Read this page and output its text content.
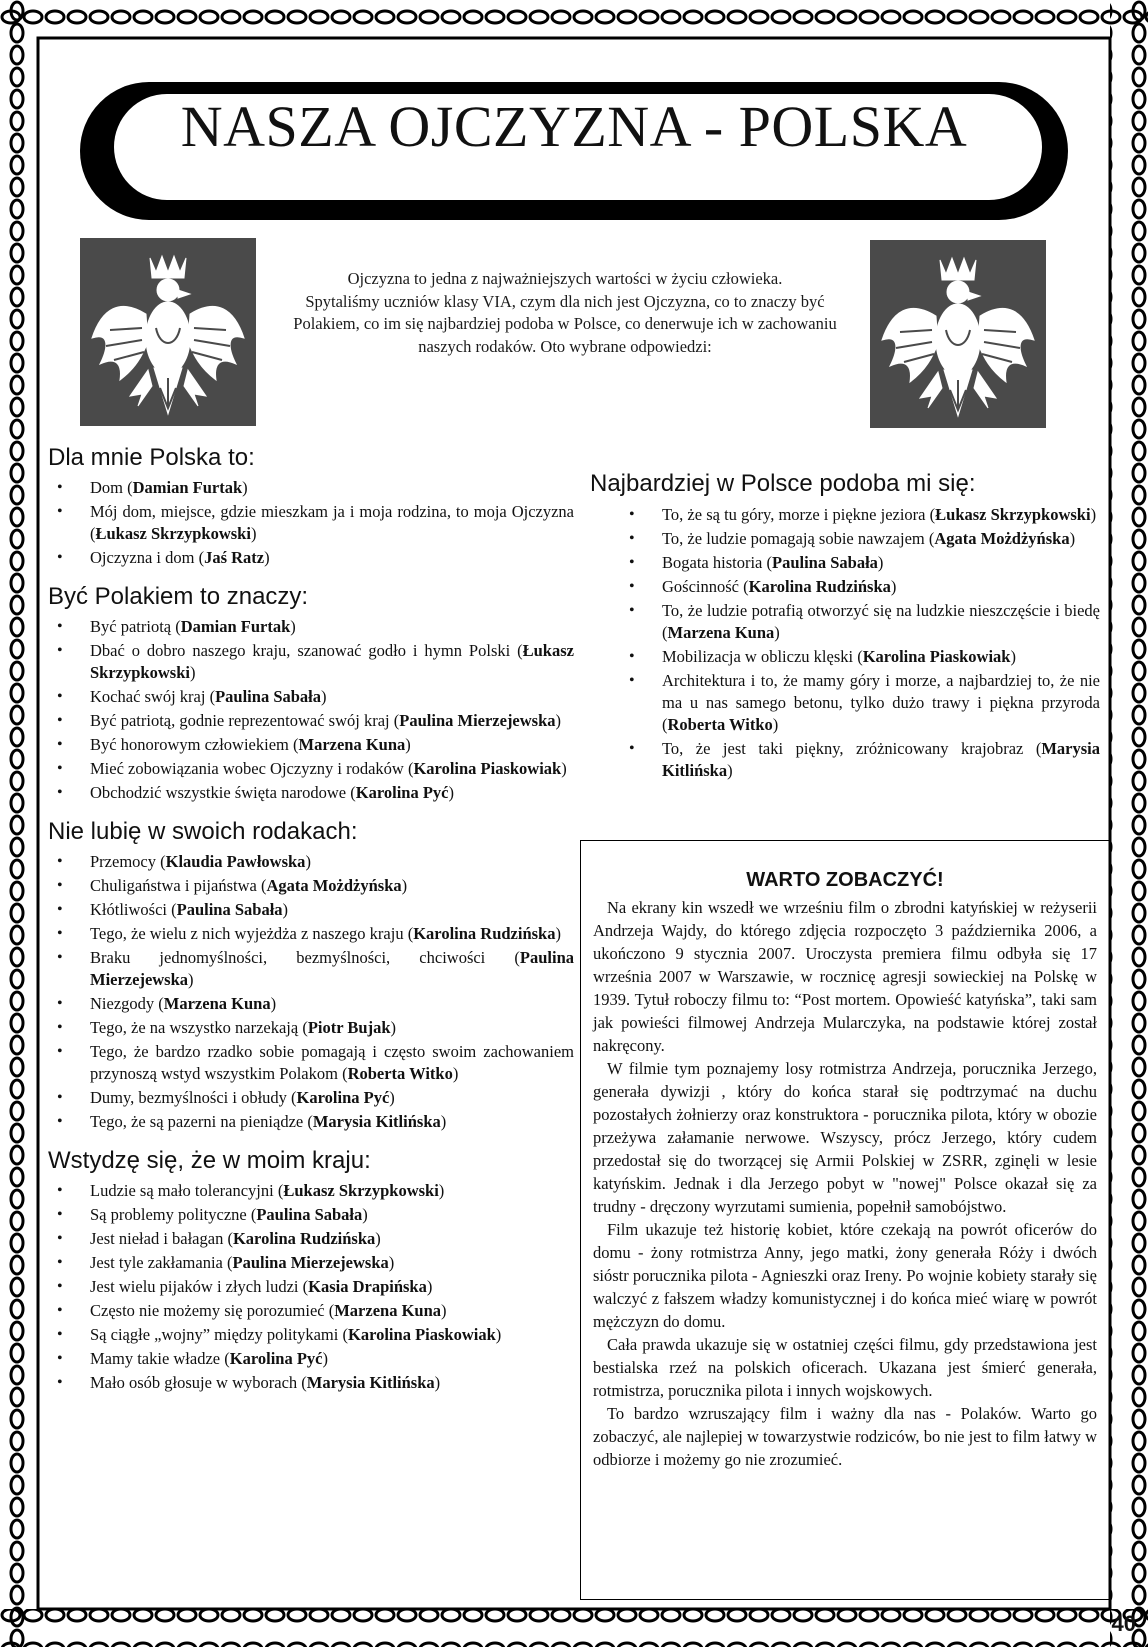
NASZA OJCZYZNA - POLSKA

Ojczyzna to jedna z najważniejszych wartości w życiu człowieka.

Spytaliśmy uczniów klasy VIA, czym dla nich jest Ojczyzna, co to znaczy być Polakiem, co im się najbardziej podoba w Polsce, co denerwuje ich w zachowaniu naszych rodaków. Oto wybrane odpowiedzi:

Dla mnie Polska to:
• Dom (Damian Furtak)
• Mój dom, miejsce, gdzie mieszkam ja i moja rodzina, to moja Ojczyzna (Łukasz Skrzypkowski)
• Ojczyzna i dom (Jaś Ratz)
Być Polakiem to znaczy:
• Być patriotą (Damian Furtak)
• Dbać o dobro naszego kraju, szanować godło i hymn Polski (Łukasz Skrzypkowski)
• Kochać swój kraj (Paulina Sabała)
• Być patriotą, godnie reprezentować swój kraj (Paulina Mierzejewska)
• Być honorowym człowiekiem (Marzena Kuna)
• Mieć zobowiązania wobec Ojczyzny i rodaków (Karolina Piaskowiak)
• Obchodzić wszystkie święta narodowe (Karolina Pyć)
Nie lubię w swoich rodakach:
• Przemocy (Klaudia Pawłowska)
• Chuligaństwa i pijaństwa (Agata Możdżyńska)
• Kłótliwości (Paulina Sabała)
• Tego, że wielu z nich wyjeżdża z naszego kraju (Karolina Rudzińska)
• Braku jednomyślności, bezmyślności, chciwości (Paulina Mierzejewska)
• Niezgody (Marzena Kuna)
• Tego, że na wszystko narzekają (Piotr Bujak)
• Tego, że bardzo rzadko sobie pomagają i często swoim zachowaniem przynoszą wstyd wszystkim Polakom (Roberta Witko)
• Dumy, bezmyślności i obłudy (Karolina Pyć)
• Tego, że są pazerni na pieniądze (Marysia Kitlińska)
Wstydzę się, że w moim kraju:
• Ludzie są mało tolerancyjni (Łukasz Skrzypkowski)
• Są problemy polityczne (Paulina Sabała)
• Jest nieład i bałagan (Karolina Rudzińska)
• Jest tyle zakłamania (Paulina Mierzejewska)
• Jest wielu pijaków i złych ludzi (Kasia Drapińska)
• Często nie możemy się porozumieć (Marzena Kuna)
• Są ciągłe „wojny” między politykami (Karolina Piaskowiak)
• Mamy takie władze (Karolina Pyć)
• Mało osób głosuje w wyborach (Marysia Kitlińska)
Najbardziej w Polsce podoba mi się:
• To, że są tu góry, morze i piękne jeziora (Łukasz Skrzypkowski)
• To, że ludzie pomagają sobie nawzajem (Agata Możdżyńska)
• Bogata historia (Paulina Sabała)
• Gościnność (Karolina Rudzińska)
• To, że ludzie potrafią otworzyć się na ludzkie nieszczęście i biedę (Marzena Kuna)
• Mobilizacja w obliczu klęski (Karolina Piaskowiak)
• Architektura i to, że mamy góry i morze, a najbardziej to, że nie ma u nas samego betonu, tylko dużo trawy i piękna przyroda (Roberta Witko)
• To, że jest taki piękny, zróżnicowany krajobraz (Marysia Kitlińska)
WARTO ZOBACZYĆ!

Na ekrany kin wszedł we wrześniu film o zbrodni katyńskiej w reżyserii Andrzeja Wajdy, do którego zdjęcia rozpoczęto 3 października 2006, a ukończono 9 stycznia 2007. Uroczysta premiera filmu odbyła się 17 września 2007 w Warszawie, w rocznicę agresji sowieckiej na Polskę w 1939. Tytuł roboczy filmu to: “Post mortem. Opowieść katyńska”, taki sam jak powieści filmowej Andrzeja Mularczyka, na podstawie której został nakręcony.

W filmie tym poznajemy losy rotmistrza Andrzeja, porucznika Jerzego, generała dywizji , który do końca starał się podtrzymać na duchu pozostałych żołnierzy oraz konstruktora - porucznika pilota, który w obozie przeżywa załamanie nerwowe. Wszyscy, prócz Jerzego, który cudem przedostał się do tworzącej się Armii Polskiej w ZSRR, zginęli w lesie katyńskim. Jednak i dla Jerzego pobyt w "nowej" Polsce okazał się za trudny - dręczony wyrzutami sumienia, popełnił samobójstwo.

Film ukazuje też historię kobiet, które czekają na powrót oficerów do domu - żony rotmistrza Anny, jego matki, żony generała Róży i dwóch sióstr porucznika pilota - Agnieszki oraz Ireny. Po wojnie kobiety starały się walczyć z fałszem władzy komunistycznej i do końca mieć wiarę w powrót mężczyzn do domu.

Cała prawda ukazuje się w ostatniej części filmu, gdy przedstawiona jest bestialska rzeź na polskich oficerach. Ukazana jest śmierć generała, rotmistrza, porucznika pilota i innych wojskowych.

To bardzo wzruszający film i ważny dla nas - Polaków. Warto go zobaczyć, ale najlepiej w towarzystwie rodziców, bo nie jest to film łatwy w odbiorze i możemy go nie zrozumieć.

40
